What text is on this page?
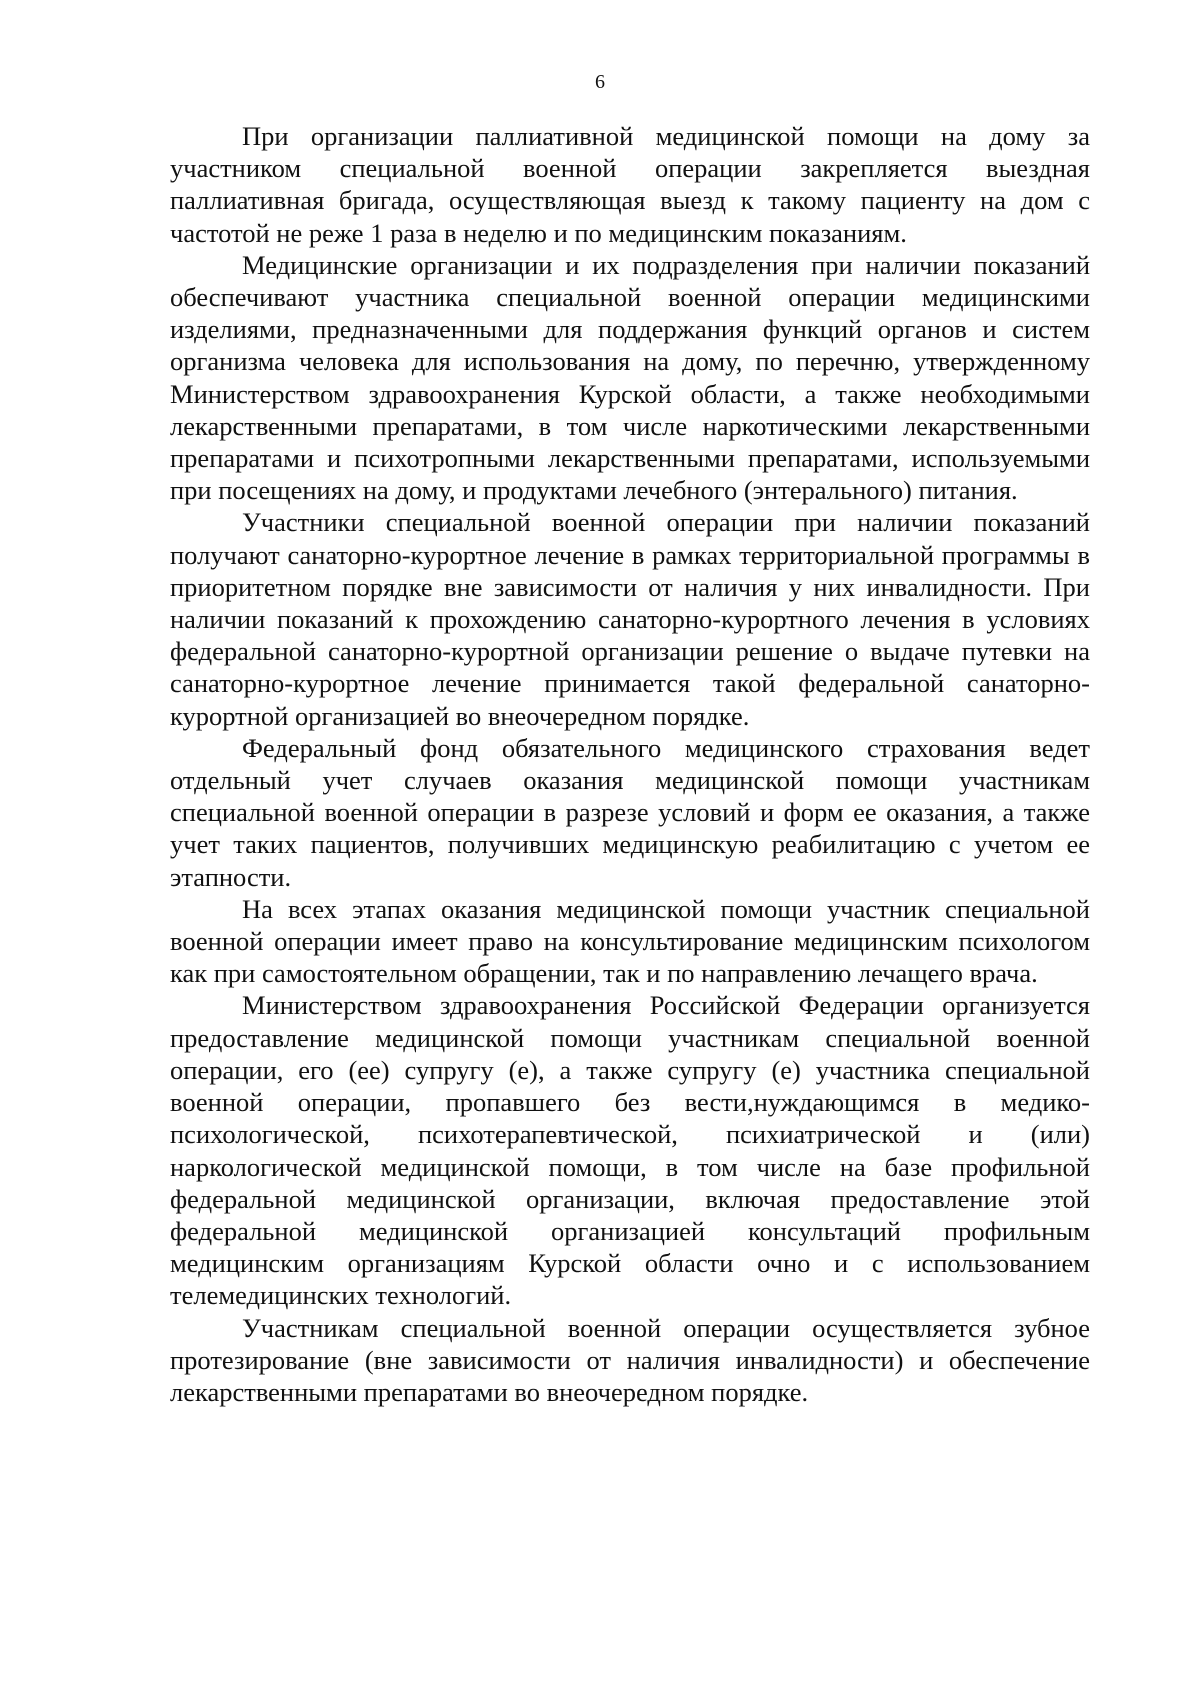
6

При организации паллиативной медицинской помощи на дому за участником специальной военной операции закрепляется выездная паллиативная бригада, осуществляющая выезд к такому пациенту на дом с частотой не реже 1 раза в неделю и по медицинским показаниям.

Медицинские организации и их подразделения при наличии показаний обеспечивают участника специальной военной операции медицинскими изделиями, предназначенными для поддержания функций органов и систем организма человека для использования на дому, по перечню, утвержденному Министерством здравоохранения Курской области, а также необходимыми лекарственными препаратами, в том числе наркотическими лекарственными препаратами и психотропными лекарственными препаратами, используемыми при посещениях на дому, и продуктами лечебного (энтерального) питания.

Участники специальной военной операции при наличии показаний получают санаторно-курортное лечение в рамках территориальной программы в приоритетном порядке вне зависимости от наличия у них инвалидности. При наличии показаний к прохождению санаторно-курортного лечения в условиях федеральной санаторно-курортной организации решение о выдаче путевки на санаторно-курортное лечение принимается такой федеральной санаторно-курортной организацией во внеочередном порядке.

Федеральный фонд обязательного медицинского страхования ведет отдельный учет случаев оказания медицинской помощи участникам специальной военной операции в разрезе условий и форм ее оказания, а также учет таких пациентов, получивших медицинскую реабилитацию с учетом ее этапности.

На всех этапах оказания медицинской помощи участник специальной военной операции имеет право на консультирование медицинским психологом как при самостоятельном обращении, так и по направлению лечащего врача.

Министерством здравоохранения Российской Федерации организуется предоставление медицинской помощи участникам специальной военной операции, его (ее) супругу (е), а также супругу (е) участника специальной военной операции, пропавшего без вести,нуждающимся в медико-психологической, психотерапевтической, психиатрической и (или) наркологической медицинской помощи, в том числе на базе профильной федеральной медицинской организации, включая предоставление этой федеральной медицинской организацией консультаций профильным медицинским организациям Курской области очно и с использованием телемедицинских технологий.

Участникам специальной военной операции осуществляется зубное протезирование (вне зависимости от наличия инвалидности) и обеспечение лекарственными препаратами во внеочередном порядке.
